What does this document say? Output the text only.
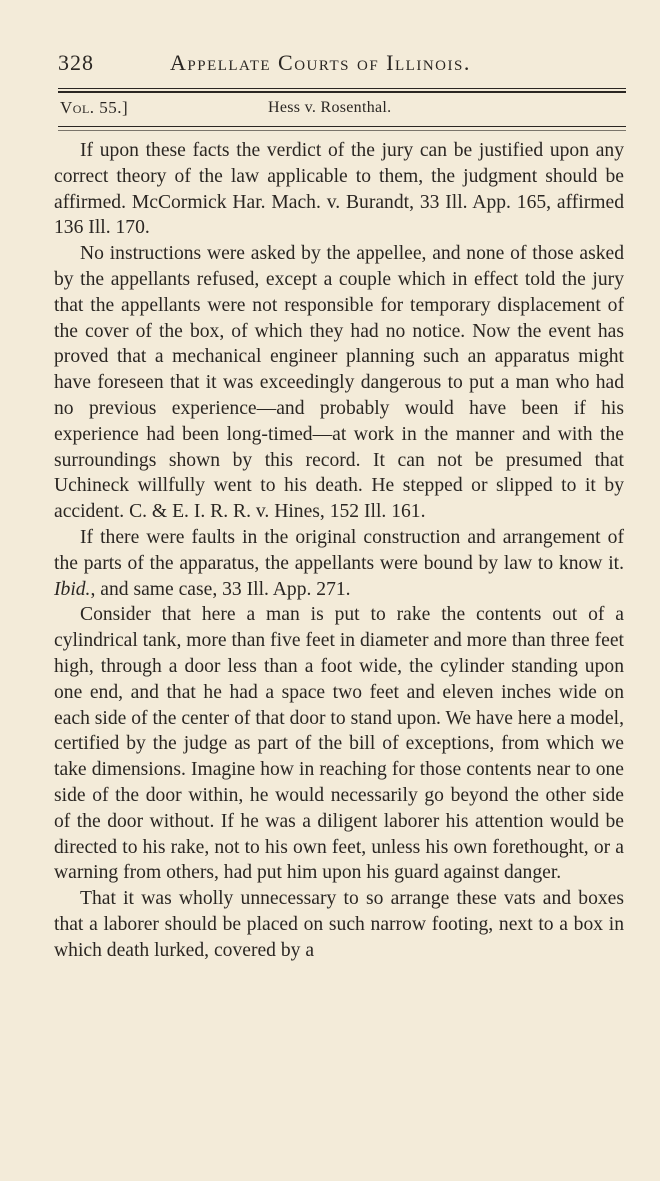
328	Appellate Courts of Illinois.
Vol. 55.]	Hess v. Rosenthal.

If upon these facts the verdict of the jury can be justified upon any correct theory of the law applicable to them, the judgment should be affirmed. McCormick Har. Mach. v. Burandt, 33 Ill. App. 165, affirmed 136 Ill. 170.

No instructions were asked by the appellee, and none of those asked by the appellants refused, except a couple which in effect told the jury that the appellants were not responsible for temporary displacement of the cover of the box, of which they had no notice. Now the event has proved that a mechanical engineer planning such an apparatus might have foreseen that it was exceedingly dangerous to put a man who had no previous experience—and probably would have been if his experience had been long-timed—at work in the manner and with the surroundings shown by this record. It can not be presumed that Uchineck willfully went to his death. He stepped or slipped to it by accident. C. & E. I. R. R. v. Hines, 152 Ill. 161.

If there were faults in the original construction and arrangement of the parts of the apparatus, the appellants were bound by law to know it. Ibid., and same case, 33 Ill. App. 271.

Consider that here a man is put to rake the contents out of a cylindrical tank, more than five feet in diameter and more than three feet high, through a door less than a foot wide, the cylinder standing upon one end, and that he had a space two feet and eleven inches wide on each side of the center of that door to stand upon. We have here a model, certified by the judge as part of the bill of exceptions, from which we take dimensions. Imagine how in reaching for those contents near to one side of the door within, he would necessarily go beyond the other side of the door without. If he was a diligent laborer his attention would be directed to his rake, not to his own feet, unless his own forethought, or a warning from others, had put him upon his guard against danger.

That it was wholly unnecessary to so arrange these vats and boxes that a laborer should be placed on such narrow footing, next to a box in which death lurked, covered by a
